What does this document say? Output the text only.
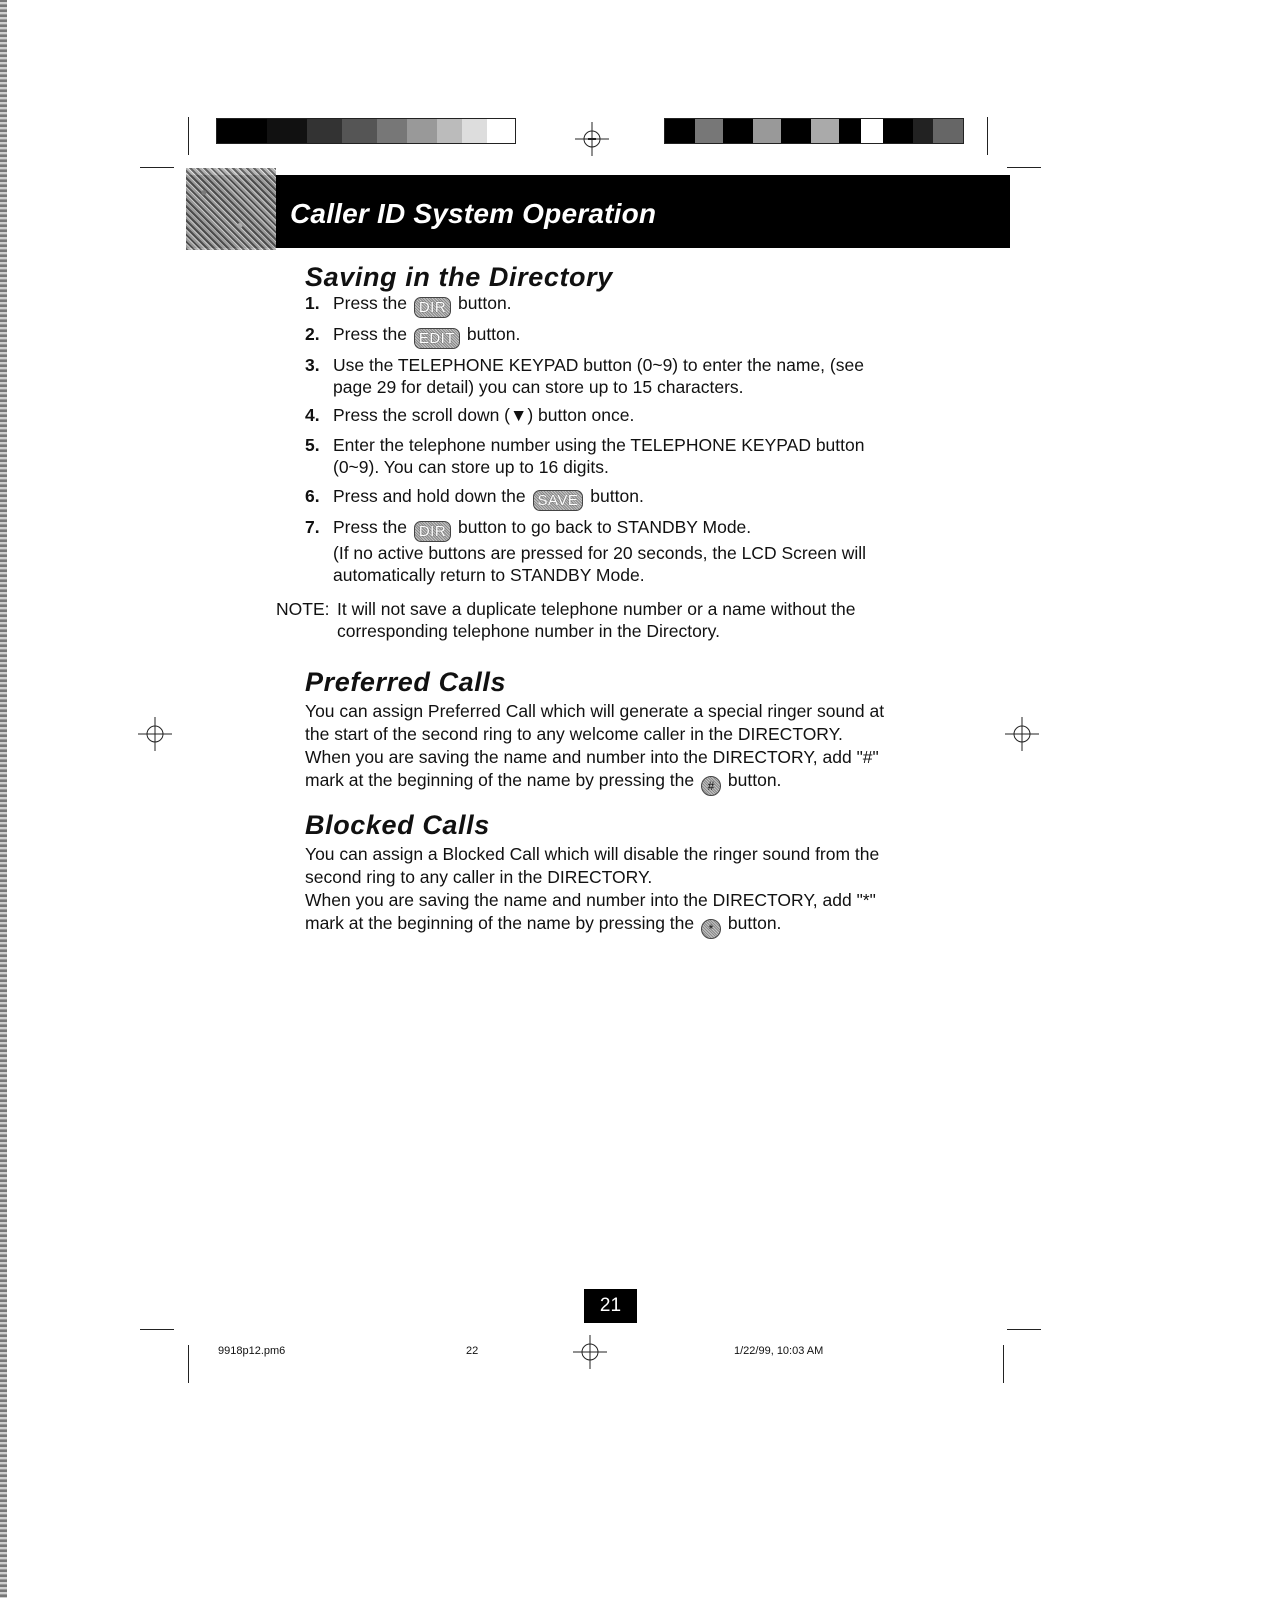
Caller ID System Operation
Saving in the Directory
1. Press the DIR button.
2. Press the EDIT button.
3. Use the TELEPHONE KEYPAD button (0~9) to enter the name, (see
page 29 for detail) you can store up to 15 characters.
4. Press the scroll down (▼) button once.
5. Enter the telephone number using the TELEPHONE KEYPAD button
(0~9). You can store up to 16 digits.
6. Press and hold down the SAVE button.
7. Press the DIR button to go back to STANDBY Mode.
(If no active buttons are pressed for 20 seconds, the LCD Screen will
automatically return to STANDBY Mode.
NOTE: It will not save a duplicate telephone number or a name without the
corresponding telephone number in the Directory.
Preferred Calls
You can assign Preferred Call which will generate a special ringer sound at
the start of the second ring to any welcome caller in the DIRECTORY.
When you are saving the name and number into the DIRECTORY, add "#"
mark at the beginning of the name by pressing the # button.
Blocked Calls
You can assign a Blocked Call which will disable the ringer sound from the
second ring to any caller in the DIRECTORY.
When you are saving the name and number into the DIRECTORY, add "*"
mark at the beginning of the name by pressing the * button.
21
9918p12.pm6	22	1/22/99, 10:03 AM
